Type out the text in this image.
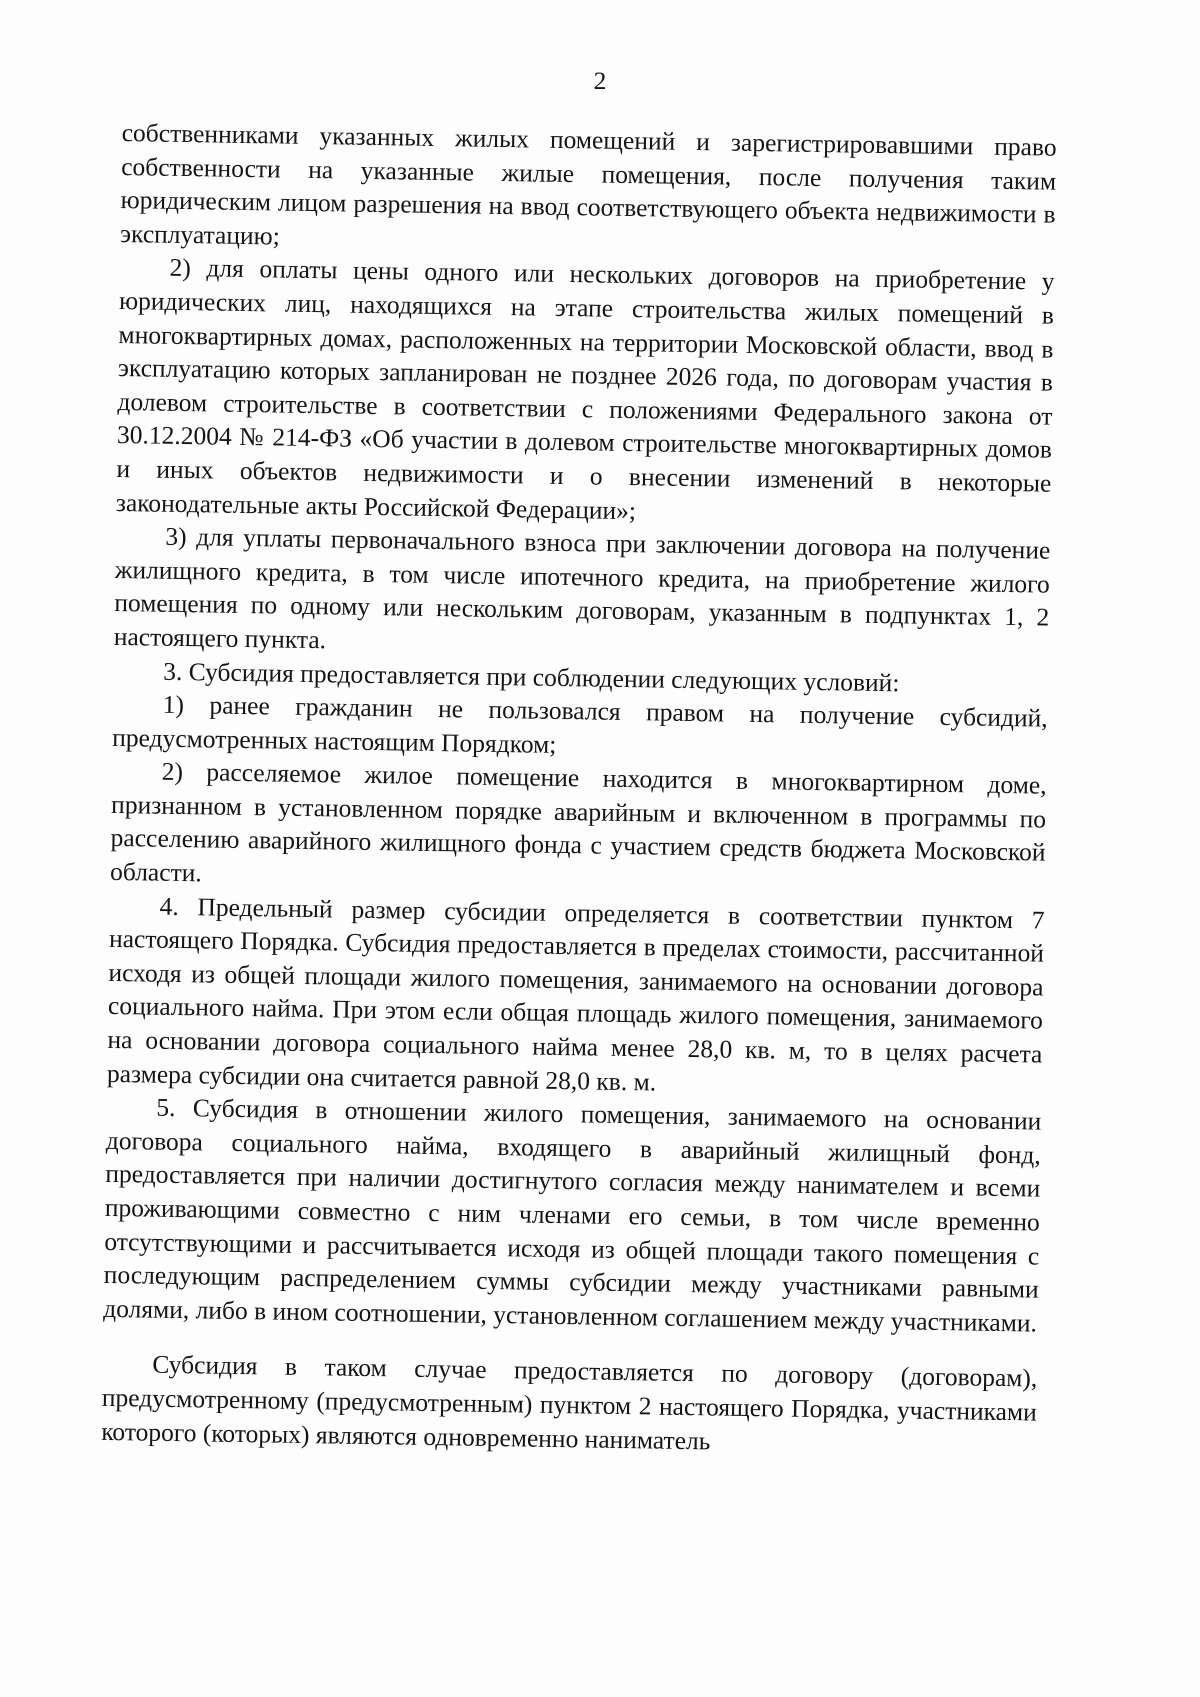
2

собственниками указанных жилых помещений и зарегистрировавшими право собственности на указанные жилые помещения, после получения таким юридическим лицом разрешения на ввод соответствующего объекта недвижимости в эксплуатацию;

2) для оплаты цены одного или нескольких договоров на приобретение у юридических лиц, находящихся на этапе строительства жилых помещений в многоквартирных домах, расположенных на территории Московской области, ввод в эксплуатацию которых запланирован не позднее 2026 года, по договорам участия в долевом строительстве в соответствии с положениями Федерального закона от 30.12.2004 № 214-ФЗ «Об участии в долевом строительстве многоквартирных домов и иных объектов недвижимости и о внесении изменений в некоторые законодательные акты Российской Федерации»;

3) для уплаты первоначального взноса при заключении договора на получение жилищного кредита, в том числе ипотечного кредита, на приобретение жилого помещения по одному или нескольким договорам, указанным в подпунктах 1, 2 настоящего пункта.

3. Субсидия предоставляется при соблюдении следующих условий:

1) ранее гражданин не пользовался правом на получение субсидий, предусмотренных настоящим Порядком;

2) расселяемое жилое помещение находится в многоквартирном доме, признанном в установленном порядке аварийным и включенном в программы по расселению аварийного жилищного фонда с участием средств бюджета Московской области.

4. Предельный размер субсидии определяется в соответствии пунктом 7 настоящего Порядка. Субсидия предоставляется в пределах стоимости, рассчитанной исходя из общей площади жилого помещения, занимаемого на основании договора социального найма. При этом если общая площадь жилого помещения, занимаемого на основании договора социального найма менее 28,0 кв. м, то в целях расчета размера субсидии она считается равной 28,0 кв. м.

5. Субсидия в отношении жилого помещения, занимаемого на основании договора социального найма, входящего в аварийный жилищный фонд, предоставляется при наличии достигнутого согласия между нанимателем и всеми проживающими совместно с ним членами его семьи, в том числе временно отсутствующими и рассчитывается исходя из общей площади такого помещения с последующим распределением суммы субсидии между участниками равными долями, либо в ином соотношении, установленном соглашением между участниками.

Субсидия в таком случае предоставляется по договору (договорам), предусмотренному (предусмотренным) пунктом 2 настоящего Порядка, участниками которого (которых) являются одновременно наниматель
